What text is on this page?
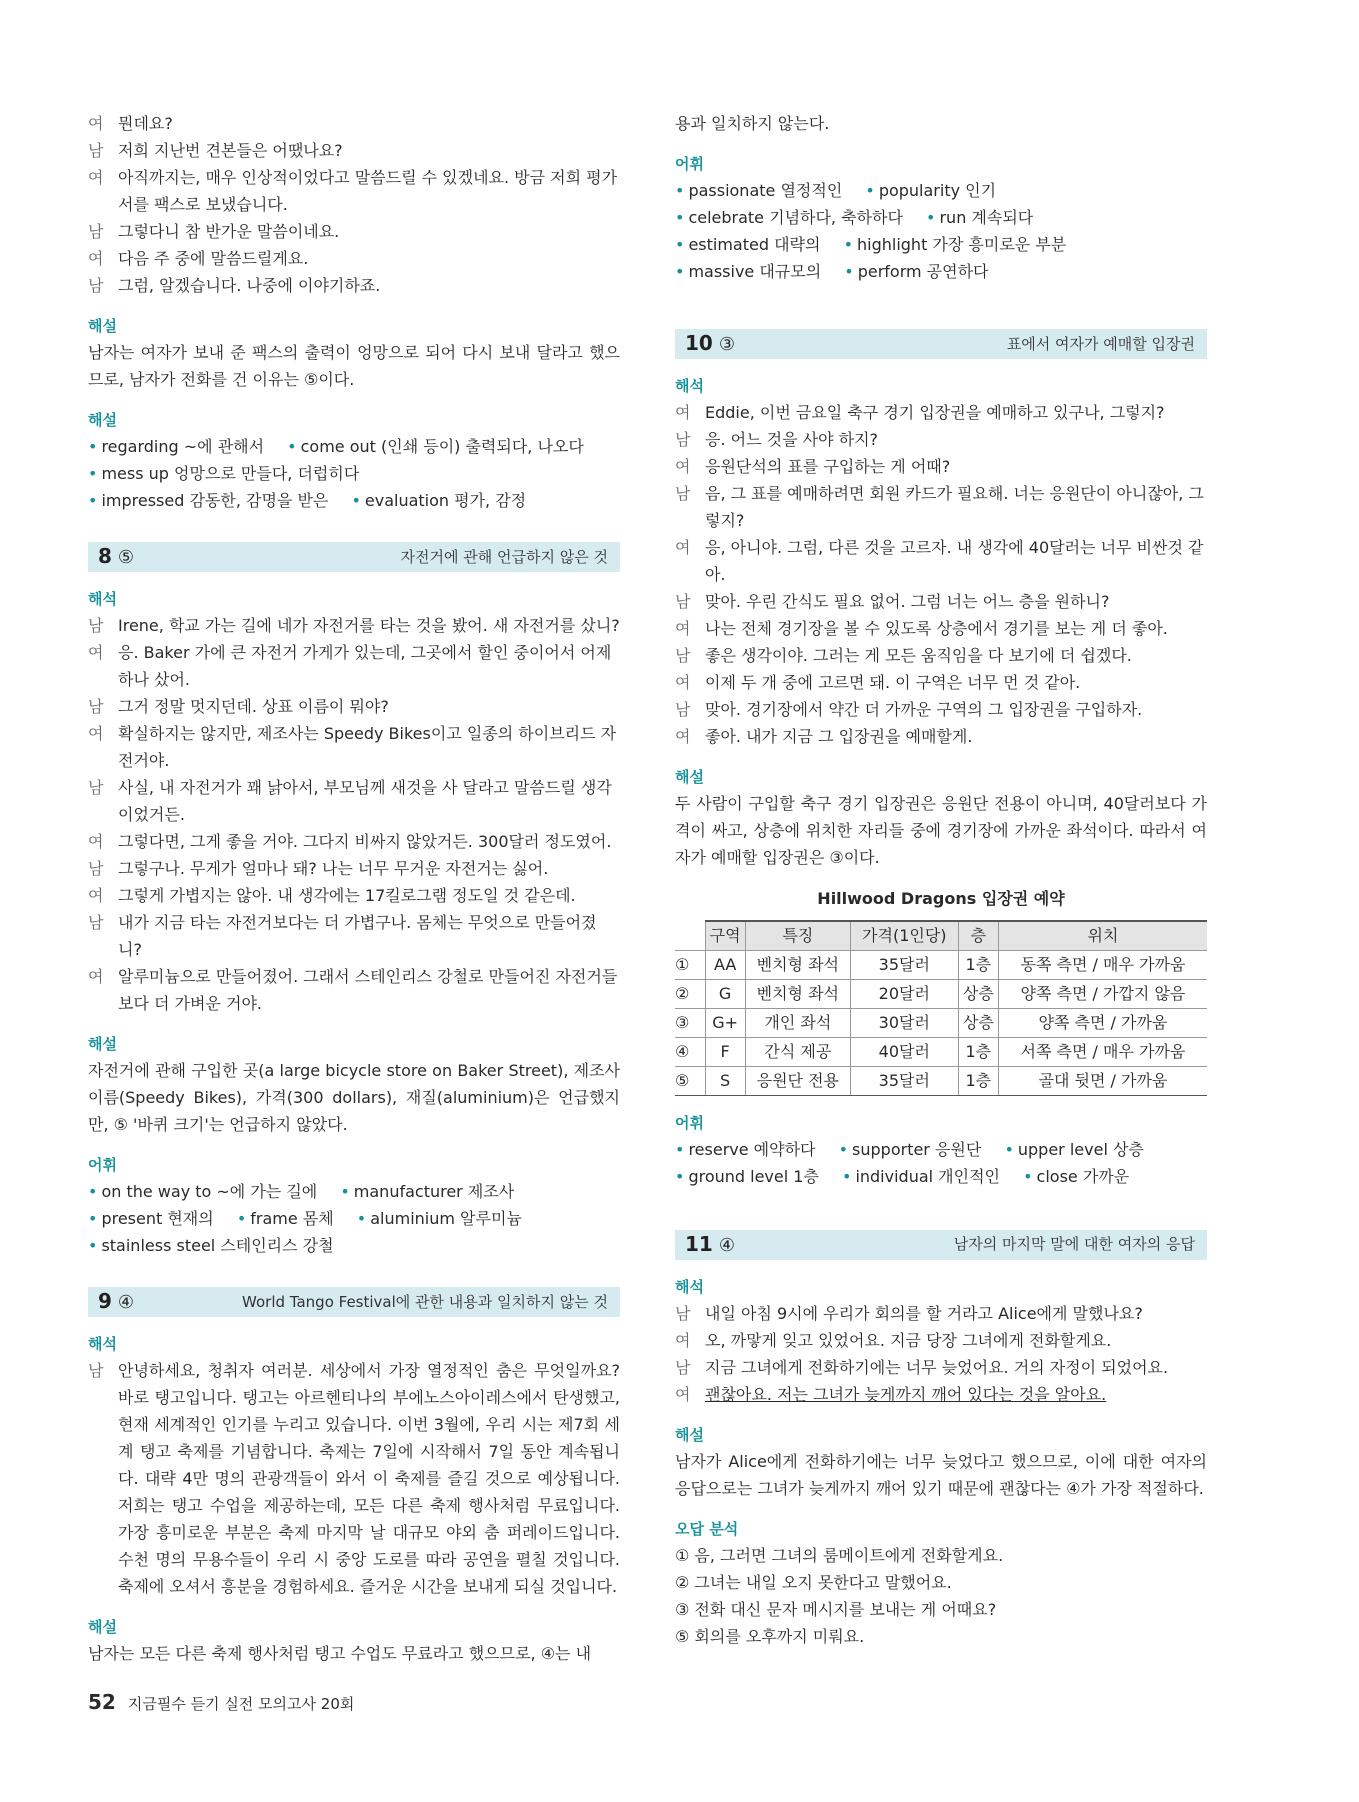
여 뭔데요?
남 저희 지난번 견본들은 어땠나요?
여 아직까지는, 매우 인상적이었다고 말씀드릴 수 있겠네요. 방금 저희 평가서를 팩스로 보냈습니다.
남 그렇다니 참 반가운 말씀이네요.
여 다음 주 중에 말씀드릴게요.
남 그럼, 알겠습니다. 나중에 이야기하죠.
해설
남자는 여자가 보내 준 팩스의 출력이 엉망으로 되어 다시 보내 달라고 했으므로, 남자가 전화를 건 이유는 ⑤이다.
해설
• regarding ~에 관해서 • come out (인쇄 등이) 출력되다, 나오다 • mess up 엉망으로 만들다, 더럽히다 • impressed 감동한, 감명을 받은 • evaluation 평가, 감정
8 ⑤	자전거에 관해 언급하지 않은 것
해석
남 Irene, 학교 가는 길에 네가 자전거를 타는 것을 봤어. 새 자전거를 샀니?
여 응. Baker 가에 큰 자전거 가게가 있는데, 그곳에서 할인 중이어서 어제 하나 샀어.
남 그거 정말 멋지던데. 상표 이름이 뭐야?
여 확실하지는 않지만, 제조사는 Speedy Bikes이고 일종의 하이브리드 자전거야.
남 사실, 내 자전거가 꽤 낡아서, 부모님께 새것을 사 달라고 말씀드릴 생각이었거든.
여 그렇다면, 그게 좋을 거야. 그다지 비싸지 않았거든. 300달러 정도였어.
남 그렇구나. 무게가 얼마나 돼? 나는 너무 무거운 자전거는 싫어.
여 그렇게 가볍지는 않아. 내 생각에는 17킬로그램 정도일 것 같은데.
남 내가 지금 타는 자전거보다는 더 가볍구나. 몸체는 무엇으로 만들어졌니?
여 알루미늄으로 만들어졌어. 그래서 스테인리스 강철로 만들어진 자전거들보다 더 가벼운 거야.
해설
자전거에 관해 구입한 곳(a large bicycle store on Baker Street), 제조사 이름(Speedy Bikes), 가격(300 dollars), 재질(aluminium)은 언급했지만, ⑤ '바퀴 크기'는 언급하지 않았다.
어휘
• on the way to ~에 가는 길에 • manufacturer 제조사 • present 현재의 • frame 몸체 • aluminium 알루미늄 • stainless steel 스테인리스 강철
9 ④	World Tango Festival에 관한 내용과 일치하지 않는 것
해석
남 안녕하세요, 청취자 여러분. 세상에서 가장 열정적인 춤은 무엇일까요? 바로 탱고입니다. 탱고는 아르헨티나의 부에노스아이레스에서 탄생했고, 현재 세계적인 인기를 누리고 있습니다. 이번 3월에, 우리 시는 제7회 세계 탱고 축제를 기념합니다. 축제는 7일에 시작해서 7일 동안 계속됩니다. 대략 4만 명의 관광객들이 와서 이 축제를 즐길 것으로 예상됩니다. 저희는 탱고 수업을 제공하는데, 모든 다른 축제 행사처럼 무료입니다. 가장 흥미로운 부분은 축제 마지막 날 대규모 야외 춤 퍼레이드입니다. 수천 명의 무용수들이 우리 시 중앙 도로를 따라 공연을 펼칠 것입니다. 축제에 오셔서 흥분을 경험하세요. 즐거운 시간을 보내게 되실 것입니다.
해설
남자는 모든 다른 축제 행사처럼 탱고 수업도 무료라고 했으므로, ④는 내
용과 일치하지 않는다.
어휘
• passionate 열정적인 • popularity 인기 • celebrate 기념하다, 축하하다 • run 계속되다 • estimated 대략의 • highlight 가장 흥미로운 부분 • massive 대규모의 • perform 공연하다
10 ③	표에서 여자가 예매할 입장권
해석
여 Eddie, 이번 금요일 축구 경기 입장권을 예매하고 있구나, 그렇지?
남 응. 어느 것을 사야 하지?
여 응원단석의 표를 구입하는 게 어때?
남 음, 그 표를 예매하려면 회원 카드가 필요해. 너는 응원단이 아니잖아, 그렇지?
여 응, 아니야. 그럼, 다른 것을 고르자. 내 생각에 40달러는 너무 비싼것 같아.
남 맞아. 우린 간식도 필요 없어. 그럼 너는 어느 층을 원하니?
여 나는 전체 경기장을 볼 수 있도록 상층에서 경기를 보는 게 더 좋아.
남 좋은 생각이야. 그러는 게 모든 움직임을 다 보기에 더 쉽겠다.
여 이제 두 개 중에 고르면 돼. 이 구역은 너무 먼 것 같아.
남 맞아. 경기장에서 약간 더 가까운 구역의 그 입장권을 구입하자.
여 좋아. 내가 지금 그 입장권을 예매할게.
해설
두 사람이 구입할 축구 경기 입장권은 응원단 전용이 아니며, 40달러보다 가격이 싸고, 상층에 위치한 자리들 중에 경기장에 가까운 좌석이다. 따라서 여자가 예매할 입장권은 ③이다.
Hillwood Dragons 입장권 예약
	구역	특징	가격(1인당)	층	위치
①	AA	벤치형 좌석	35달러	1층	동쪽 측면 / 매우 가까움
②	G	벤치형 좌석	20달러	상층	양쪽 측면 / 가깝지 않음
③	G+	개인 좌석	30달러	상층	양쪽 측면 / 가까움
④	F	간식 제공	40달러	1층	서쪽 측면 / 매우 가까움
⑤	S	응원단 전용	35달러	1층	골대 뒷면 / 가까움
어휘
• reserve 예약하다 • supporter 응원단 • upper level 상층 • ground level 1층 • individual 개인적인 • close 가까운
11 ④	남자의 마지막 말에 대한 여자의 응답
해석
남 내일 아침 9시에 우리가 회의를 할 거라고 Alice에게 말했나요?
여 오, 까맣게 잊고 있었어요. 지금 당장 그녀에게 전화할게요.
남 지금 그녀에게 전화하기에는 너무 늦었어요. 거의 자정이 되었어요.
여 괜찮아요. 저는 그녀가 늦게까지 깨어 있다는 것을 알아요.
해설
남자가 Alice에게 전화하기에는 너무 늦었다고 했으므로, 이에 대한 여자의 응답으로는 그녀가 늦게까지 깨어 있기 때문에 괜찮다는 ④가 가장 적절하다.
오답 분석
① 음, 그러면 그녀의 룸메이트에게 전화할게요.
② 그녀는 내일 오지 못한다고 말했어요.
③ 전화 대신 문자 메시지를 보내는 게 어때요?
⑤ 회의를 오후까지 미뤄요.
52 지금필수 듣기 실전 모의고사 20회
